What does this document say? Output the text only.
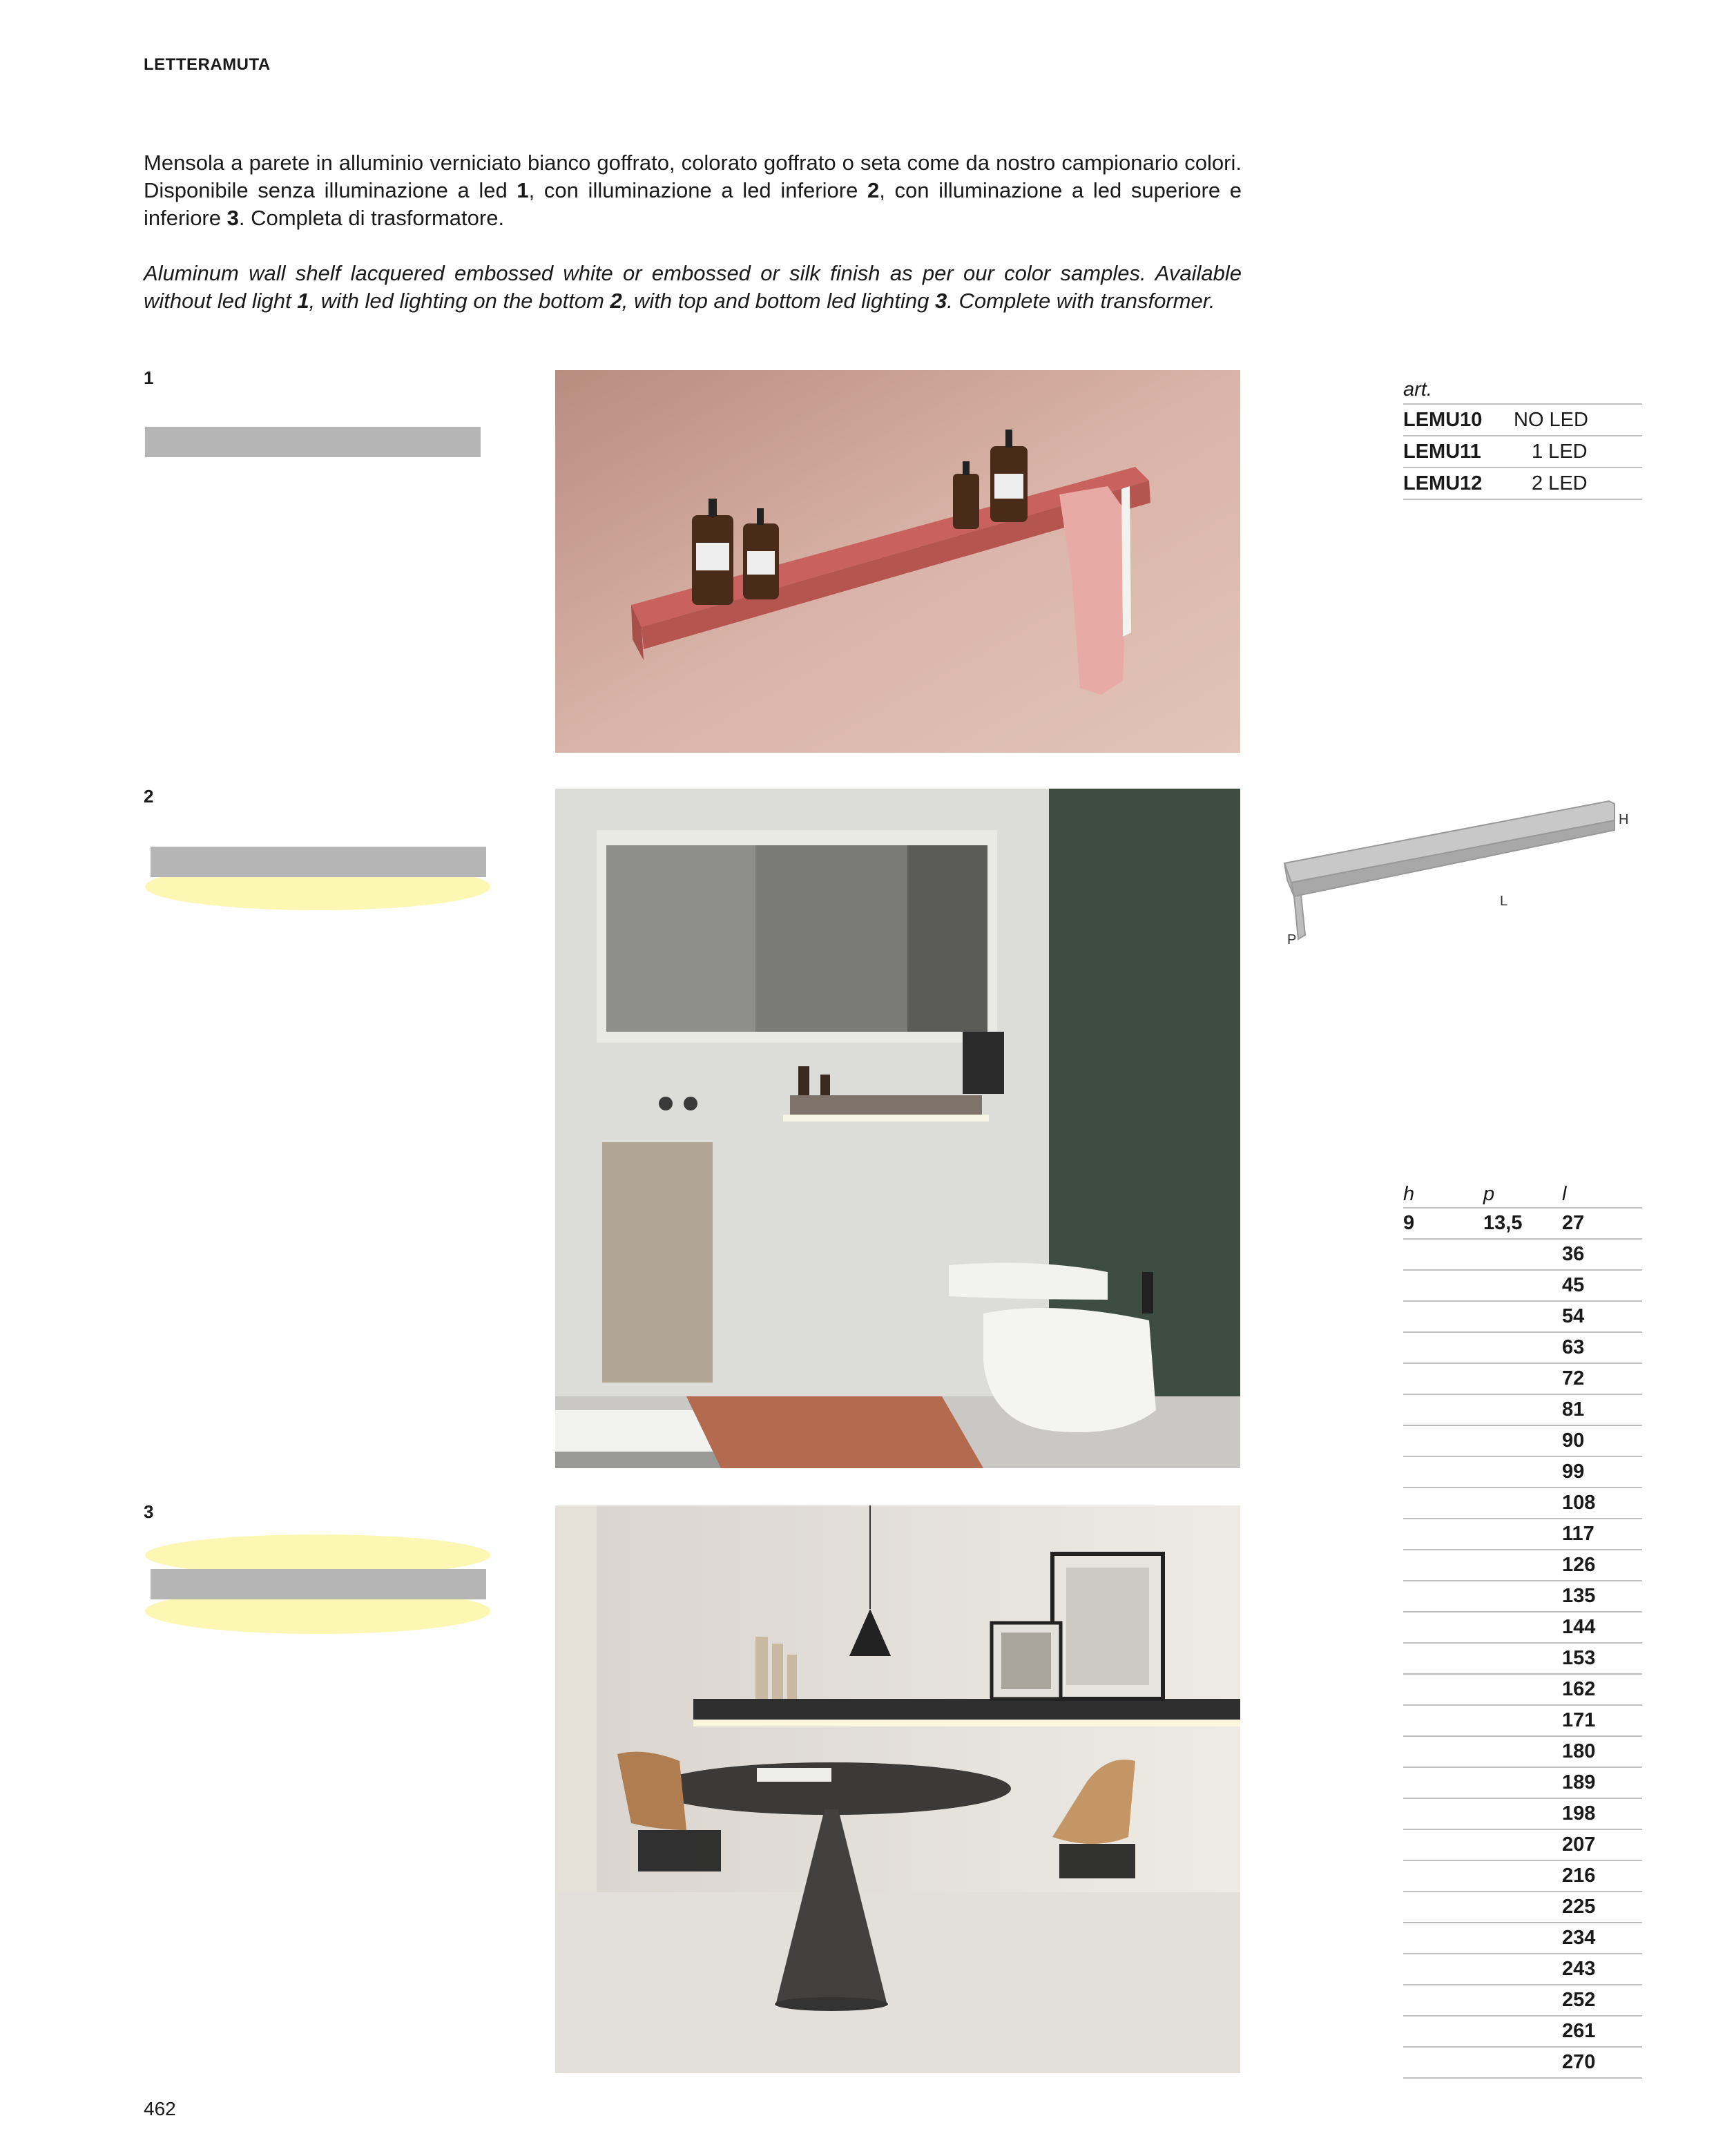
LETTERAMUTA
Mensola a parete in alluminio verniciato bianco goffrato, colorato goffrato o seta come da nostro campionario colori. Disponibile senza illuminazione a led 1, con illuminazione a led inferiore 2, con illuminazione a led superiore e inferiore 3. Completa di trasformatore.
Aluminum wall shelf lacquered embossed white or embossed or silk finish as per our color samples. Available without led light 1, with led lighting on the bottom 2, with top and bottom led lighting 3. Complete with transformer.
1
2
3
art.	
LEMU10	NO LED
LEMU11	1 LED
LEMU12	2 LED
H
L
P
h	p	l
9	13,5	27
		36
		45
		54
		63
		72
		81
		90
		99
		108
		117
		126
		135
		144
		153
		162
		171
		180
		189
		198
		207
		216
		225
		234
		243
		252
		261
		270
462
